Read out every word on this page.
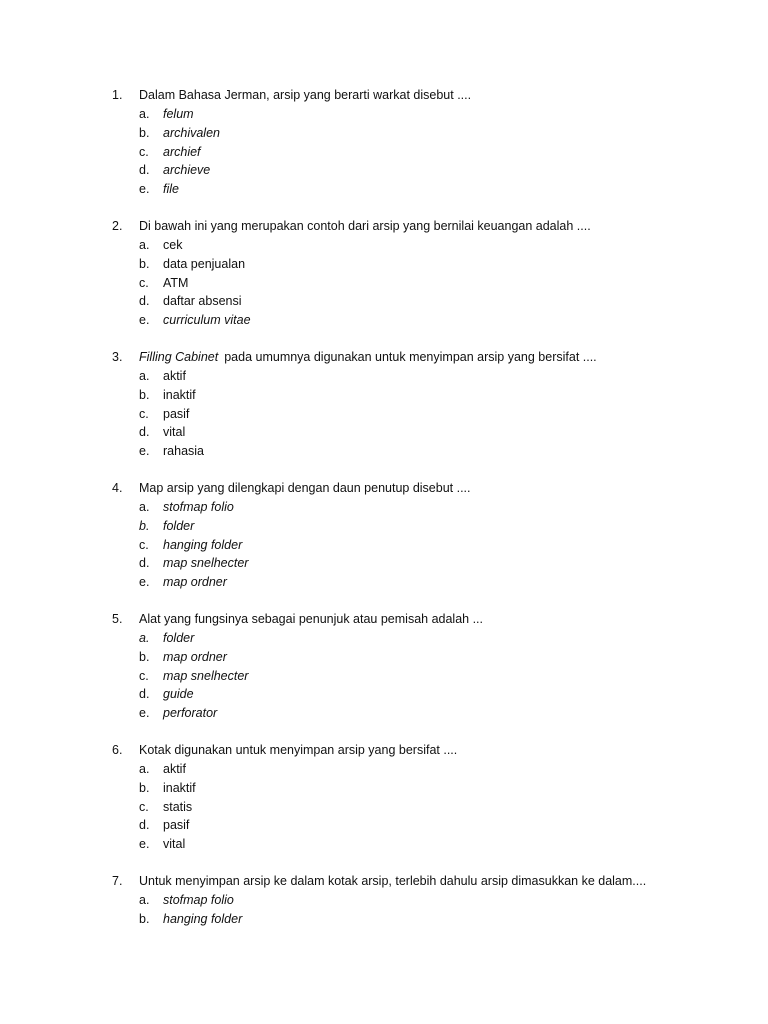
1. Dalam Bahasa Jerman, arsip yang berarti warkat disebut ....
a. felum
b. archivalen
c. archief
d. archieve
e. file
2. Di bawah ini yang merupakan contoh dari arsip yang bernilai keuangan adalah ....
a. cek
b. data penjualan
c. ATM
d. daftar absensi
e. curriculum vitae
3. Filling Cabinet pada umumnya digunakan untuk menyimpan arsip yang bersifat ....
a. aktif
b. inaktif
c. pasif
d. vital
e. rahasia
4. Map arsip yang dilengkapi dengan daun penutup disebut ....
a. stofmap folio
b. folder
c. hanging folder
d. map snelhecter
e. map ordner
5. Alat yang fungsinya sebagai penunjuk atau pemisah adalah ...
a. folder
b. map ordner
c. map snelhecter
d. guide
e. perforator
6. Kotak digunakan untuk menyimpan arsip yang bersifat ....
a. aktif
b. inaktif
c. statis
d. pasif
e. vital
7. Untuk menyimpan arsip ke dalam kotak arsip, terlebih dahulu arsip dimasukkan ke dalam....
a. stofmap folio
b. hanging folder
